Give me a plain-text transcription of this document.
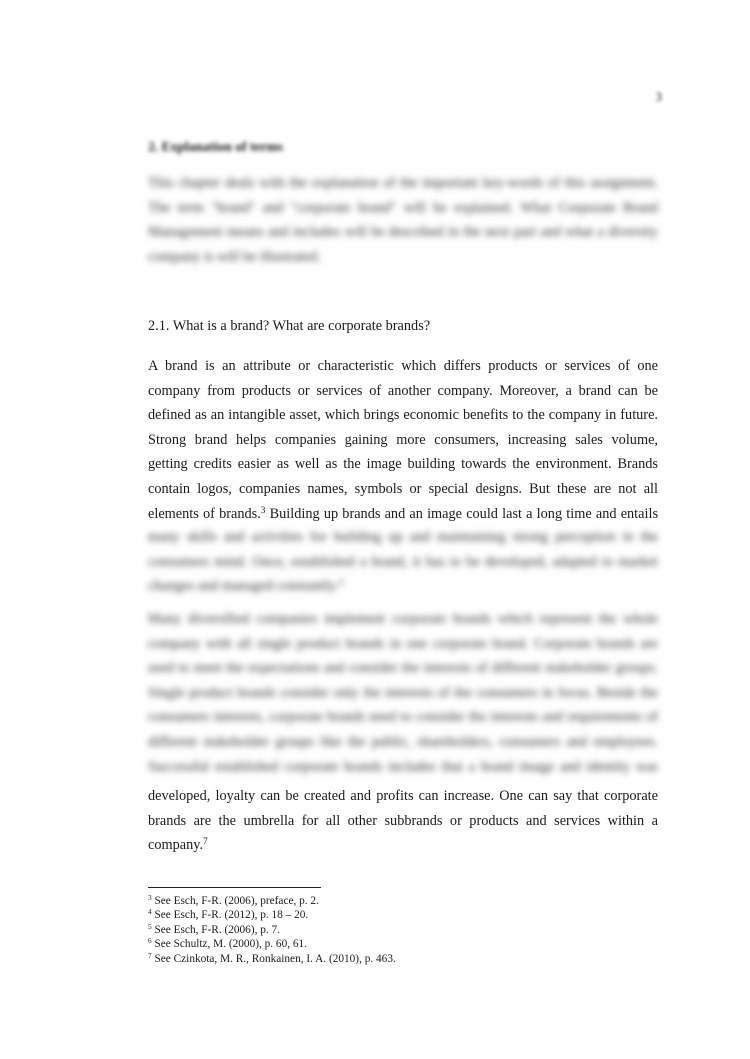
3
2. Explanation of terms

This chapter deals with the explanation of the important key-words of this assignment.
The term "brand" and "corporate brand" will be explained. What Corporate Brand
Management means and includes will be described in the next part and what a diversity
company is will be illustrated.

2.1. What is a brand? What are corporate brands?

A brand is an attribute or characteristic which differs products or services of one
company from products or services of another company. Moreover, a brand can be
defined as an intangible asset, which brings economic benefits to the company in future.
Strong brand helps companies gaining more consumers, increasing sales volume,
getting credits easier as well as the image building towards the environment. Brands
contain logos, companies names, symbols or special designs. But these are not all
elements of brands.$^3$ Building up brands and an image could last a long time and entails

many skills and activities for building up and maintaining strong perception in the
consumers mind. Once, established a brand, it has to be developed, adapted to market
changes and managed constantly.$^4$

Many diversified companies implement corporate brands which represent the whole
company with all single product brands in one corporate brand. Corporate brands are
used to meet the expectations and consider the interests of different stakeholder groups.
Single product brands consider only the interests of the consumers in focus. Beside the
consumers interests, corporate brands need to consider the interests and requirements of
different stakeholder groups like the public, shareholders, consumers and employees.
Successful established corporate brands includes that a brand image and identity was

developed, loyalty can be created and profits can increase. One can say that corporate
brands are the umbrella for all other subbrands or products and services within a
company.$^7$

$^3$ See Esch, F-R. (2006), preface, p. 2.
$^4$ See Esch, F-R. (2012), p. 18 – 20.
$^5$ See Esch, F-R. (2006), p. 7.
$^6$ See Schultz, M. (2000), p. 60, 61.
$^7$ See Czinkota, M. R., Ronkainen, I. A. (2010), p. 463.
